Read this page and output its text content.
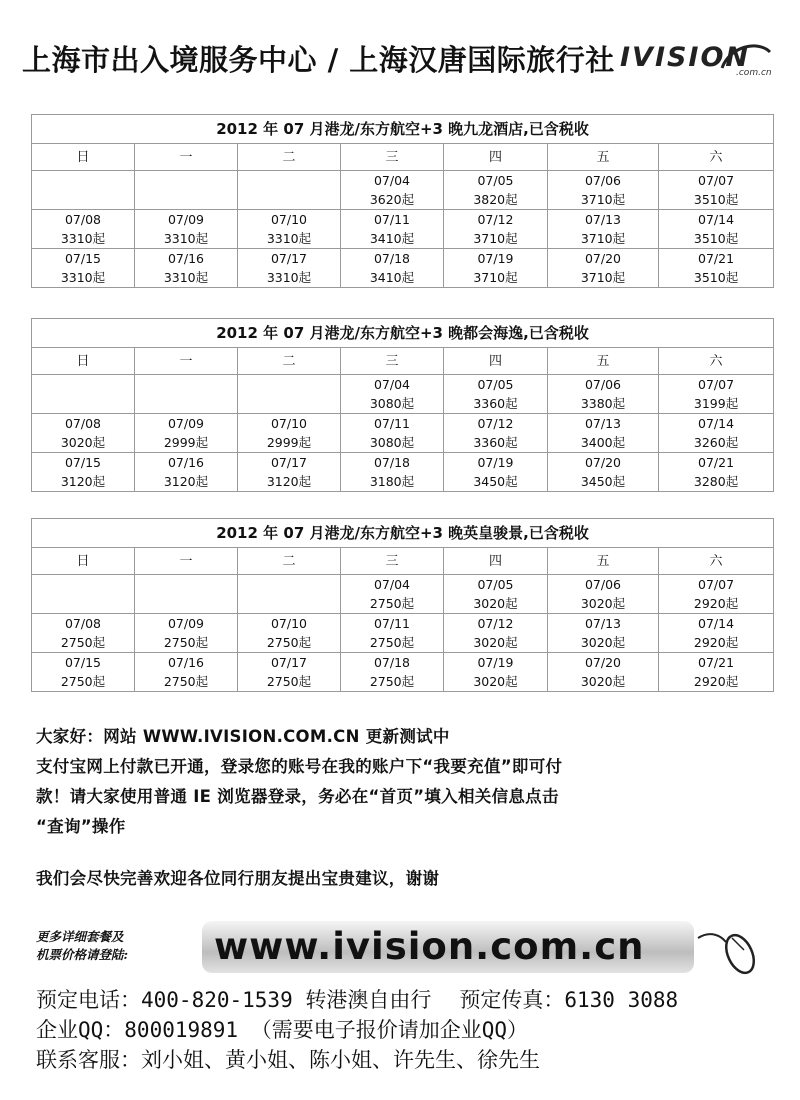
上海市出入境服务中心 / 上海汉唐国际旅行社 IVISION
.com.cn
2012 年 07 月港龙/东方航空+3 晚九龙酒店,已含税收						
日	一	二	三	四	五	六
			07/04	07/05	07/06	07/07
			3620起	3820起	3710起	3510起
07/08	07/09	07/10	07/11	07/12	07/13	07/14
3310起	3310起	3310起	3410起	3710起	3710起	3510起
07/15	07/16	07/17	07/18	07/19	07/20	07/21
3310起	3310起	3310起	3410起	3710起	3710起	3510起
2012 年 07 月港龙/东方航空+3 晚都会海逸,已含税收						
日	一	二	三	四	五	六
			07/04	07/05	07/06	07/07
			3080起	3360起	3380起	3199起
07/08	07/09	07/10	07/11	07/12	07/13	07/14
3020起	2999起	2999起	3080起	3360起	3400起	3260起
07/15	07/16	07/17	07/18	07/19	07/20	07/21
3120起	3120起	3120起	3180起	3450起	3450起	3280起
2012 年 07 月港龙/东方航空+3 晚英皇骏景,已含税收						
日	一	二	三	四	五	六
			07/04	07/05	07/06	07/07
			2750起	3020起	3020起	2920起
07/08	07/09	07/10	07/11	07/12	07/13	07/14
2750起	2750起	2750起	2750起	3020起	3020起	2920起
07/15	07/16	07/17	07/18	07/19	07/20	07/21
2750起	2750起	2750起	2750起	3020起	3020起	2920起

大家好：网站 WWW.IVISION.COM.CN 更新测试中

支付宝网上付款已开通，登录您的账号在我的账户下“我要充值”即可付

款！请大家使用普通 IE 浏览器登录，务必在“首页”填入相关信息点击

“查询”操作

我们会尽快完善欢迎各位同行朋友提出宝贵建议，谢谢

更多详细套餐及
机票价格请登陆: www.ivision.com.cn
预定电话：400-820-1539 转港澳自由行 预定传真：6130 3088
企业QQ：800019891 （需要电子报价请加企业QQ）
联系客服：刘小姐、黄小姐、陈小姐、许先生、徐先生
